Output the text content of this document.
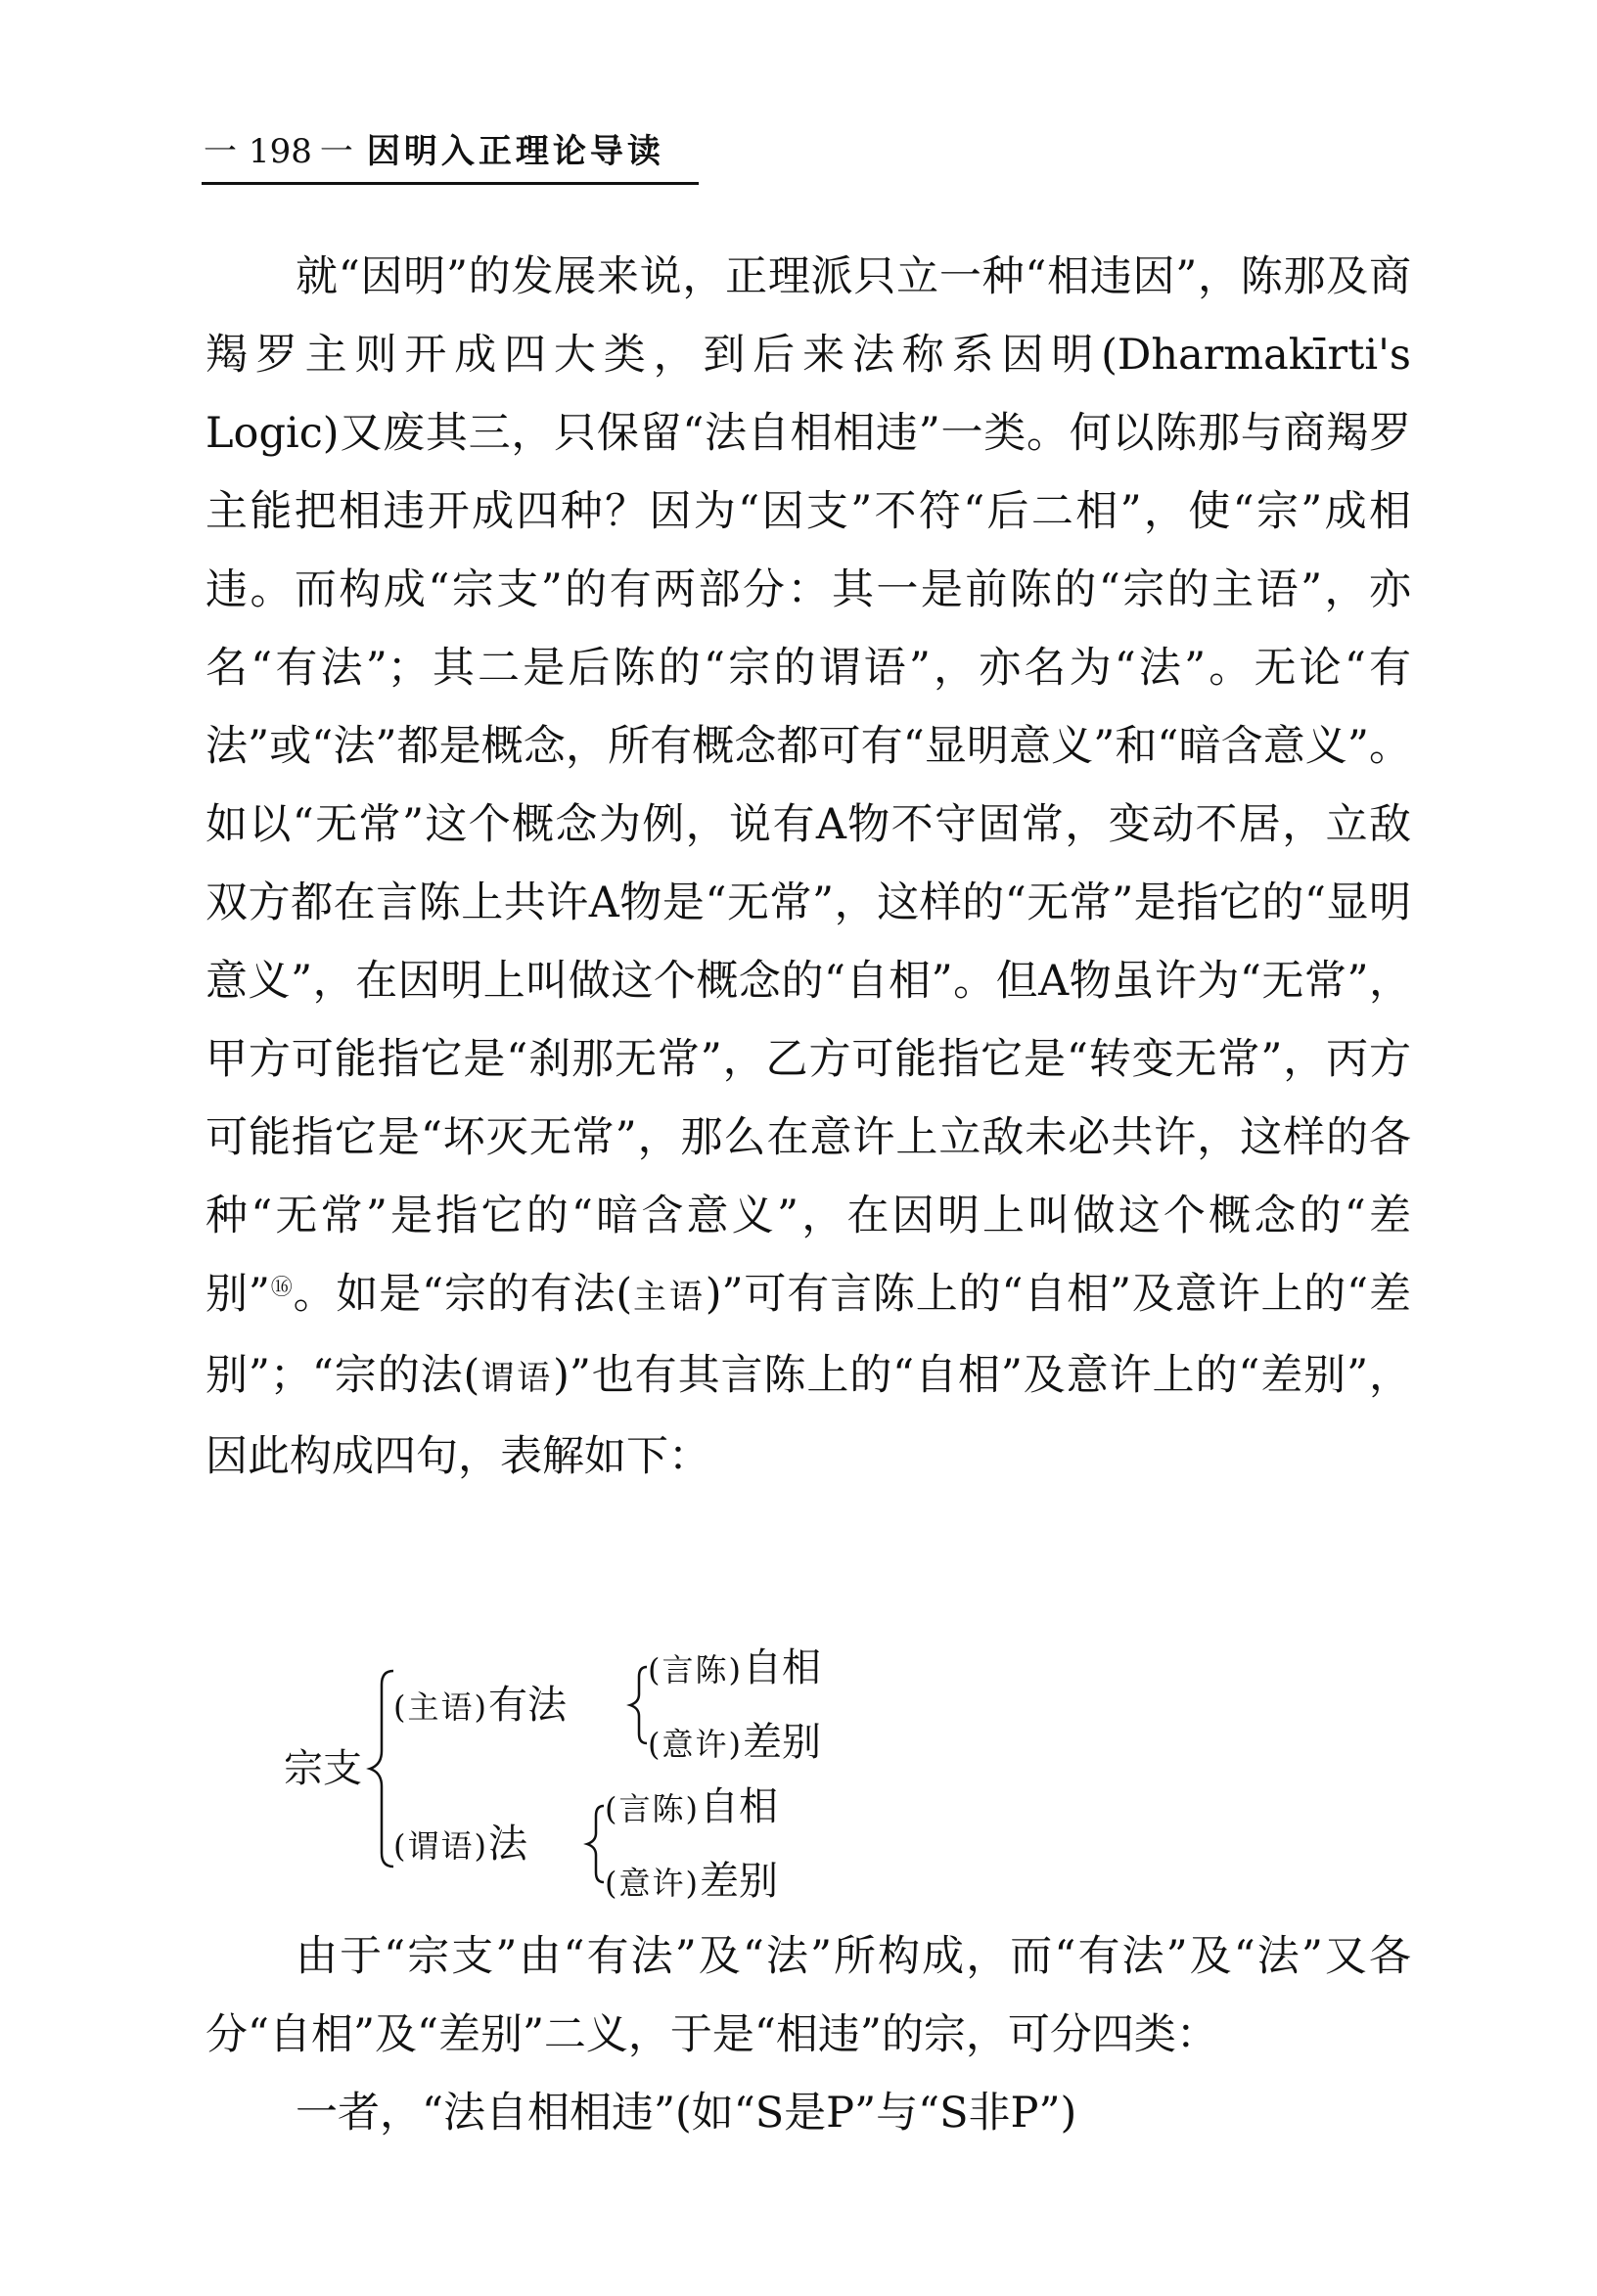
一 198 一 因明入正理论导读

就“因明”的发展来说，正理派只立一种“相违因”，陈那及商羯罗主则开成四大类，到后来法称系因明(Dharmakīrti's Logic)又废其三，只保留“法自相相违”一类。何以陈那与商羯罗主能把相违开成四种？因为“因支”不符“后二相”，使“宗”成相违。而构成“宗支”的有两部分：其一是前陈的“宗的主语”，亦名“有法”；其二是后陈的“宗的谓语”，亦名为“法”。无论“有法”或“法”都是概念，所有概念都可有“显明意义”和“暗含意义”。如以“无常”这个概念为例，说有A物不守固常，变动不居，立敌双方都在言陈上共许A物是“无常”，这样的“无常”是指它的“显明意义”，在因明上叫做这个概念的“自相”。但A物虽许为“无常”，甲方可能指它是“刹那无常”，乙方可能指它是“转变无常”，丙方可能指它是“坏灭无常”，那么在意许上立敌未必共许，这样的各种“无常”是指它的“暗含意义”，在因明上叫做这个概念的“差别”⑯。如是“宗的有法(主语)”可有言陈上的“自相”及意许上的“差别”；“宗的法(谓语)”也有其言陈上的“自相”及意许上的“差别”，因此构成四句，表解如下：

宗支
(主语)有法
(谓语)法
(言陈)自相
(意许)差别
(言陈)自相
(意许)差别

由于“宗支”由“有法”及“法”所构成，而“有法”及“法”又各分“自相”及“差别”二义，于是“相违”的宗，可分四类：

一者，“法自相相违”(如“S是P”与“S非P”)
